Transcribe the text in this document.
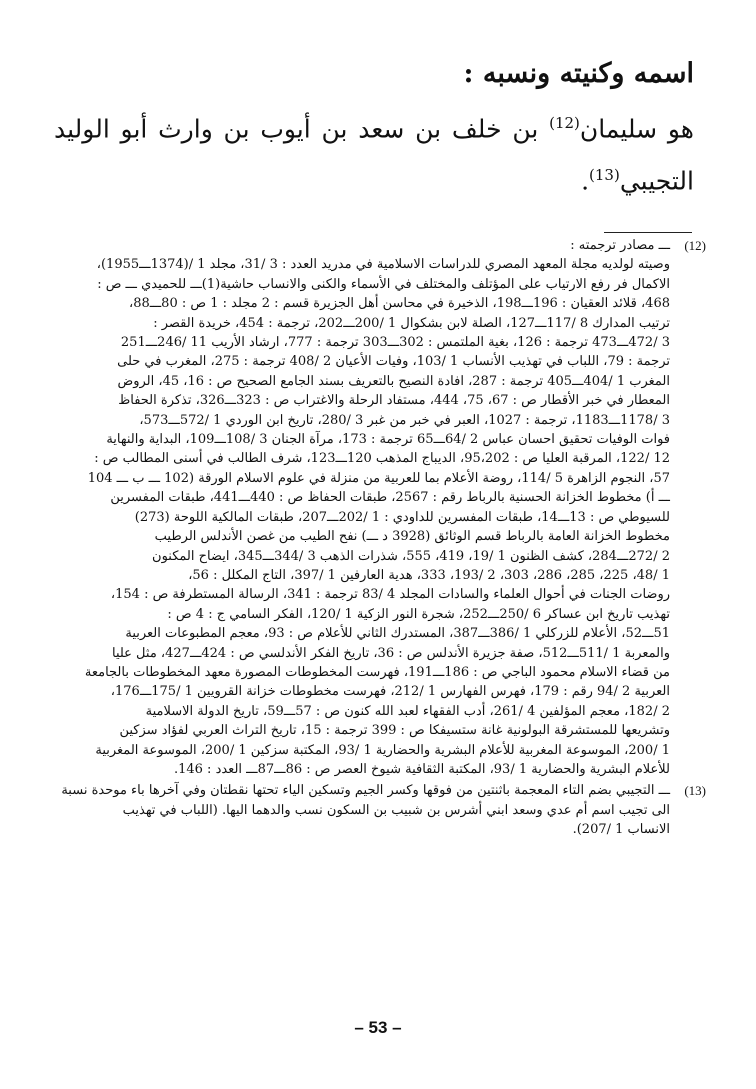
اسمه وكنيته ونسبه :
هو سليمان$^{(12)}$ بن خلف بن سعد بن أيوب بن وارث أبو الوليد التجيبي$^{(13)}$.
(12)
ـــ مصادر ترجمته :
وصيته لولديه مجلة المعهد المصري للدراسات الاسلامية في مدريد العدد : 3 /31، مجلد 1 /(1374ـــ1955)،
الاكمال فر رفع الارتياب على المؤتلف والمختلف في الأسماء والكنى والانساب حاشية(1)ـــ للحميدي ـــ ص :
468، قلائد العقيان : 196ـــ198، الذخيرة في محاسن أهل الجزيرة قسم : 2 مجلد : 1 ص : 80ـــ88،
ترتيب المدارك 8 /117ـــ127، الصلة لابن بشكوال 1 /200ـــ202، ترجمة : 454، خريدة القصر :
3 /472ـــ473 ترجمة : 126، بغية الملتمس : 302ـــ303 ترجمة : 777، ارشاد الأريب 11 /246ـــ251
ترجمة : 79، اللباب في تهذيب الأنساب 1 /103، وفيات الأعيان 2 /408 ترجمة : 275، المغرب في حلى
المغرب 1 /404ـــ405 ترجمة : 287، افادة النصيح بالتعريف بسند الجامع الصحيح ص : 16، 45، الروض
المعطار في خبر الأقطار ص : 67، 75، 444، مستفاد الرحلة والاغتراب ص : 323ـــ326، تذكرة الحفاظ
3 /1178ـــ1183، ترجمة : 1027، العبر في خبر من غبر 3 /280، تاريخ ابن الوردي 1 /572ـــ573،
فوات الوفيات تحقيق احسان عباس 2 /64ـــ65 ترجمة : 173، مرآة الجنان 3 /108ـــ109، البداية والنهاية
12 /122، المرقبة العليا ص : 95،202، الديباج المذهب 120ـــ123، شرف الطالب في أسنى المطالب ص :
57، النجوم الزاهرة 5 /114، روضة الأعلام بما للعربية من منزلة في علوم الاسلام الورقة (102 ـــ ب ـــ 104
ـــ أ) مخطوط الخزانة الحسنية بالرباط رقم : 2567، طبقات الحفاظ ص : 440ـــ441، طبقات المفسرين
للسيوطي ص : 13ـــ14، طبقات المفسرين للداودي : 1 /202ـــ207، طبقات المالكية اللوحة (273)
مخطوط الخزانة العامة بالرباط قسم الوثائق (3928 د ـــ) نفح الطيب من غصن الأندلس الرطيب
2 /272ـــ284، كشف الظنون 1 /19، 419، 555، شذرات الذهب 3 /344ـــ345، ايضاح المكنون
1 /48، 225، 285، 286، 303، 2 /193، 333، هدية العارفين 1 /397، التاج المكلل : 56،
روضات الجنات في أحوال العلماء والسادات المجلد 4 /83 ترجمة : 341، الرسالة المستطرفة ص : 154،
تهذيب تاريخ ابن عساكر 6 /250ـــ252، شجرة النور الزكية 1 /120، الفكر السامي ج : 4 ص :
51ـــ52، الأعلام للزركلي 1 /386ـــ387، المستدرك الثاني للأعلام ص : 93، معجم المطبوعات العربية
والمعربة 1 /511ـــ512، صفة جزيرة الأندلس ص : 36، تاريخ الفكر الأندلسي ص : 424ـــ427، مثل عليا
من قضاء الاسلام محمود الباجي ص : 186ـــ191، فهرست المخطوطات المصورة معهد المخطوطات بالجامعة
العربية 2 /94 رقم : 179، فهرس الفهارس 1 /212، فهرست مخطوطات خزانة القرويين 1 /175ـــ176،
2 /182، معجم المؤلفين 4 /261، أدب الفقهاء لعبد الله كنون ص : 57ـــ59، تاريخ الدولة الاسلامية
وتشريعها للمستشرقة البولونية غانة ستسيفكا ص : 399 ترجمة : 15، تاريخ التراث العربي لفؤاد سزكين
1 /200، الموسوعة المغربية للأعلام البشرية والحضارية 1 /93، المكتبة سزكين 1 /200، الموسوعة المغربية
للأعلام البشرية والحضارية 1 /93، المكتبة الثقافية شيوخ العصر ص : 86ـــ87ـــ العدد : 146.
(13)
ـــ التجيبي بضم التاء المعجمة باثنتين من فوقها وكسر الجيم وتسكين الياء تحتها نقطتان وفي آخرها باء موحدة نسبة
الى تجيب اسم أم عدي وسعد ابني أشرس بن شبيب بن السكون نسب والدهما اليها. (اللباب في تهذيب
الانساب 1 /207).
– 53 –
